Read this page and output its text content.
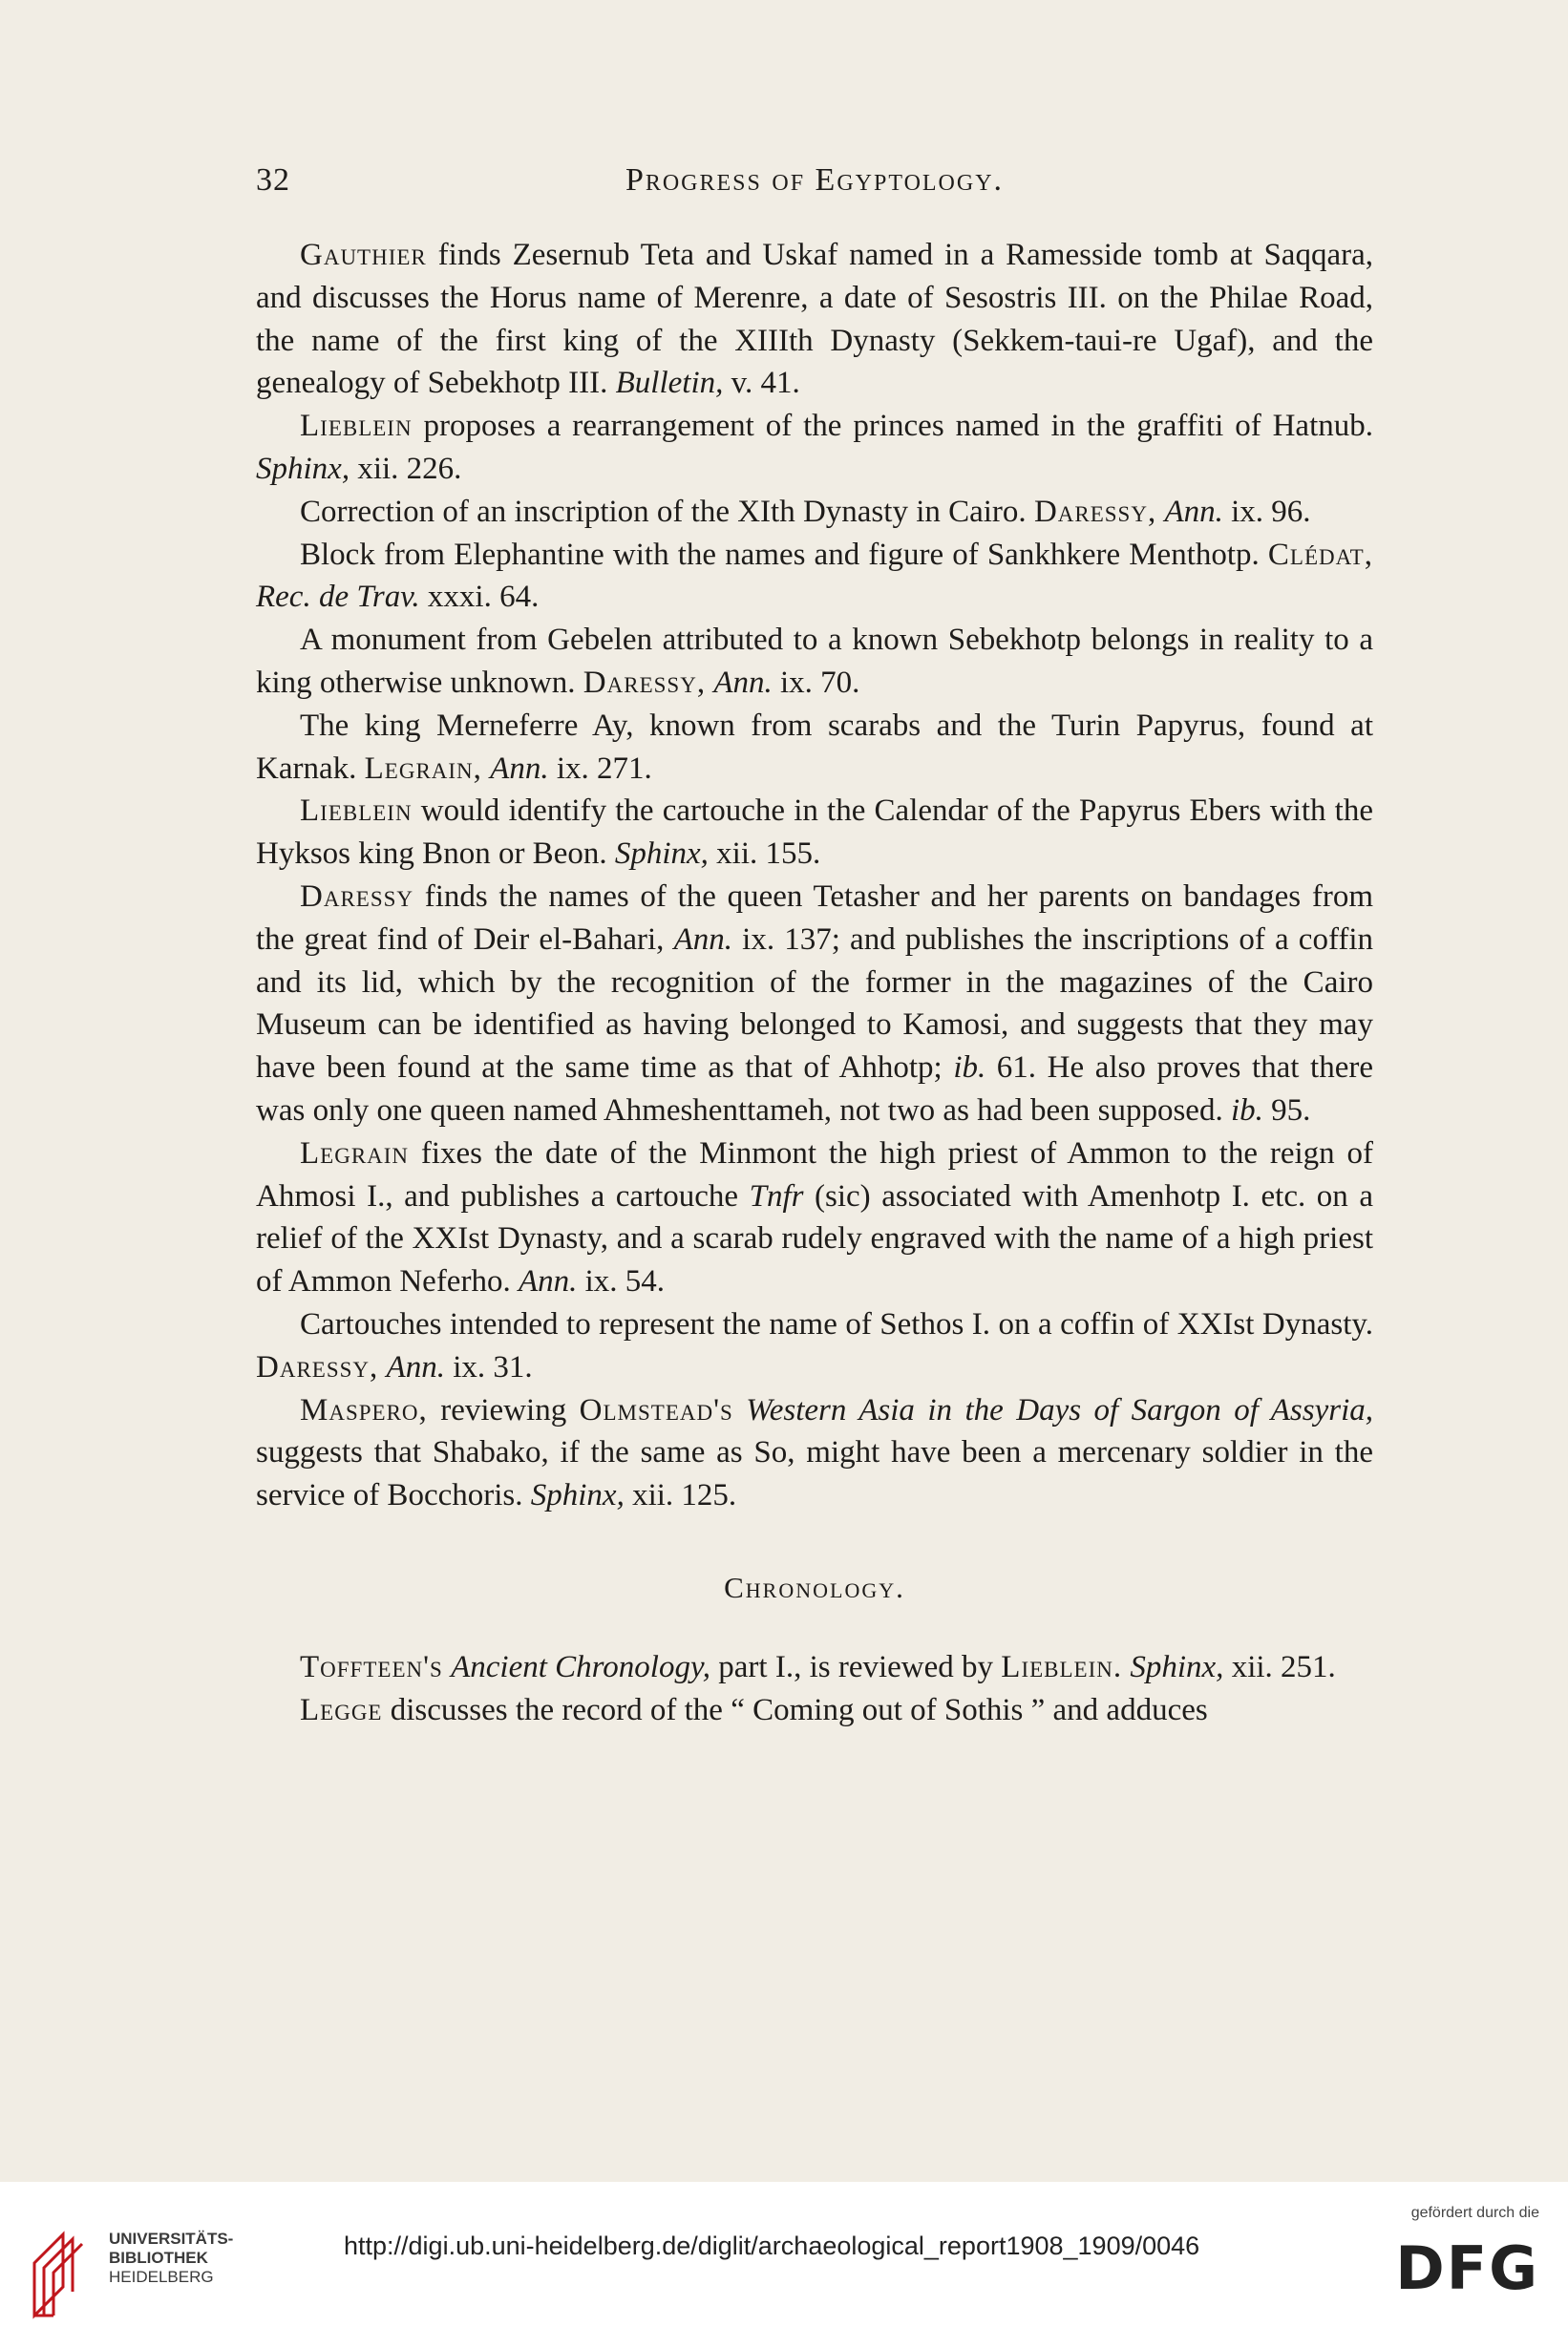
32	Progress of Egyptology.

Gauthier finds Zesernub Teta and Uskaf named in a Ramesside tomb at Saqqara, and discusses the Horus name of Merenre, a date of Sesostris III. on the Philae Road, the name of the first king of the XIIIth Dynasty (Sekkem-taui-re Ugaf), and the genealogy of Sebekhotp III. Bulletin, v. 41.

Lieblein proposes a rearrangement of the princes named in the graffiti of Hatnub. Sphinx, xii. 226.

Correction of an inscription of the XIth Dynasty in Cairo. Daressy, Ann. ix. 96.

Block from Elephantine with the names and figure of Sankhkere Menthotp. Clédat, Rec. de Trav. xxxi. 64.

A monument from Gebelen attributed to a known Sebekhotp belongs in reality to a king otherwise unknown. Daressy, Ann. ix. 70.

The king Merneferre Ay, known from scarabs and the Turin Papyrus, found at Karnak. Legrain, Ann. ix. 271.

Lieblein would identify the cartouche in the Calendar of the Papyrus Ebers with the Hyksos king Bnon or Beon. Sphinx, xii. 155.

Daressy finds the names of the queen Tetasher and her parents on bandages from the great find of Deir el-Bahari, Ann. ix. 137; and publishes the inscriptions of a coffin and its lid, which by the recognition of the former in the magazines of the Cairo Museum can be identified as having belonged to Kamosi, and suggests that they may have been found at the same time as that of Ahhotp; ib. 61. He also proves that there was only one queen named Ahmeshenttameh, not two as had been supposed. ib. 95.

Legrain fixes the date of the Minmont the high priest of Ammon to the reign of Ahmosi I., and publishes a cartouche Tnfr (sic) associated with Amenhotp I. etc. on a relief of the XXIst Dynasty, and a scarab rudely engraved with the name of a high priest of Ammon Neferho. Ann. ix. 54.

Cartouches intended to represent the name of Sethos I. on a coffin of XXIst Dynasty. Daressy, Ann. ix. 31.

Maspero, reviewing Olmstead's Western Asia in the Days of Sargon of Assyria, suggests that Shabako, if the same as So, might have been a mercenary soldier in the service of Bocchoris. Sphinx, xii. 125.

Chronology.

Toffteen's Ancient Chronology, part I., is reviewed by Lieblein. Sphinx, xii. 251.

Legge discusses the record of the “ Coming out of Sothis ” and adduces

UNIVERSITÄTS-
BIBLIOTHEK
HEIDELBERG
http://digi.ub.uni-heidelberg.de/diglit/archaeological_report1908_1909/0046
gefördert durch die
DFG
